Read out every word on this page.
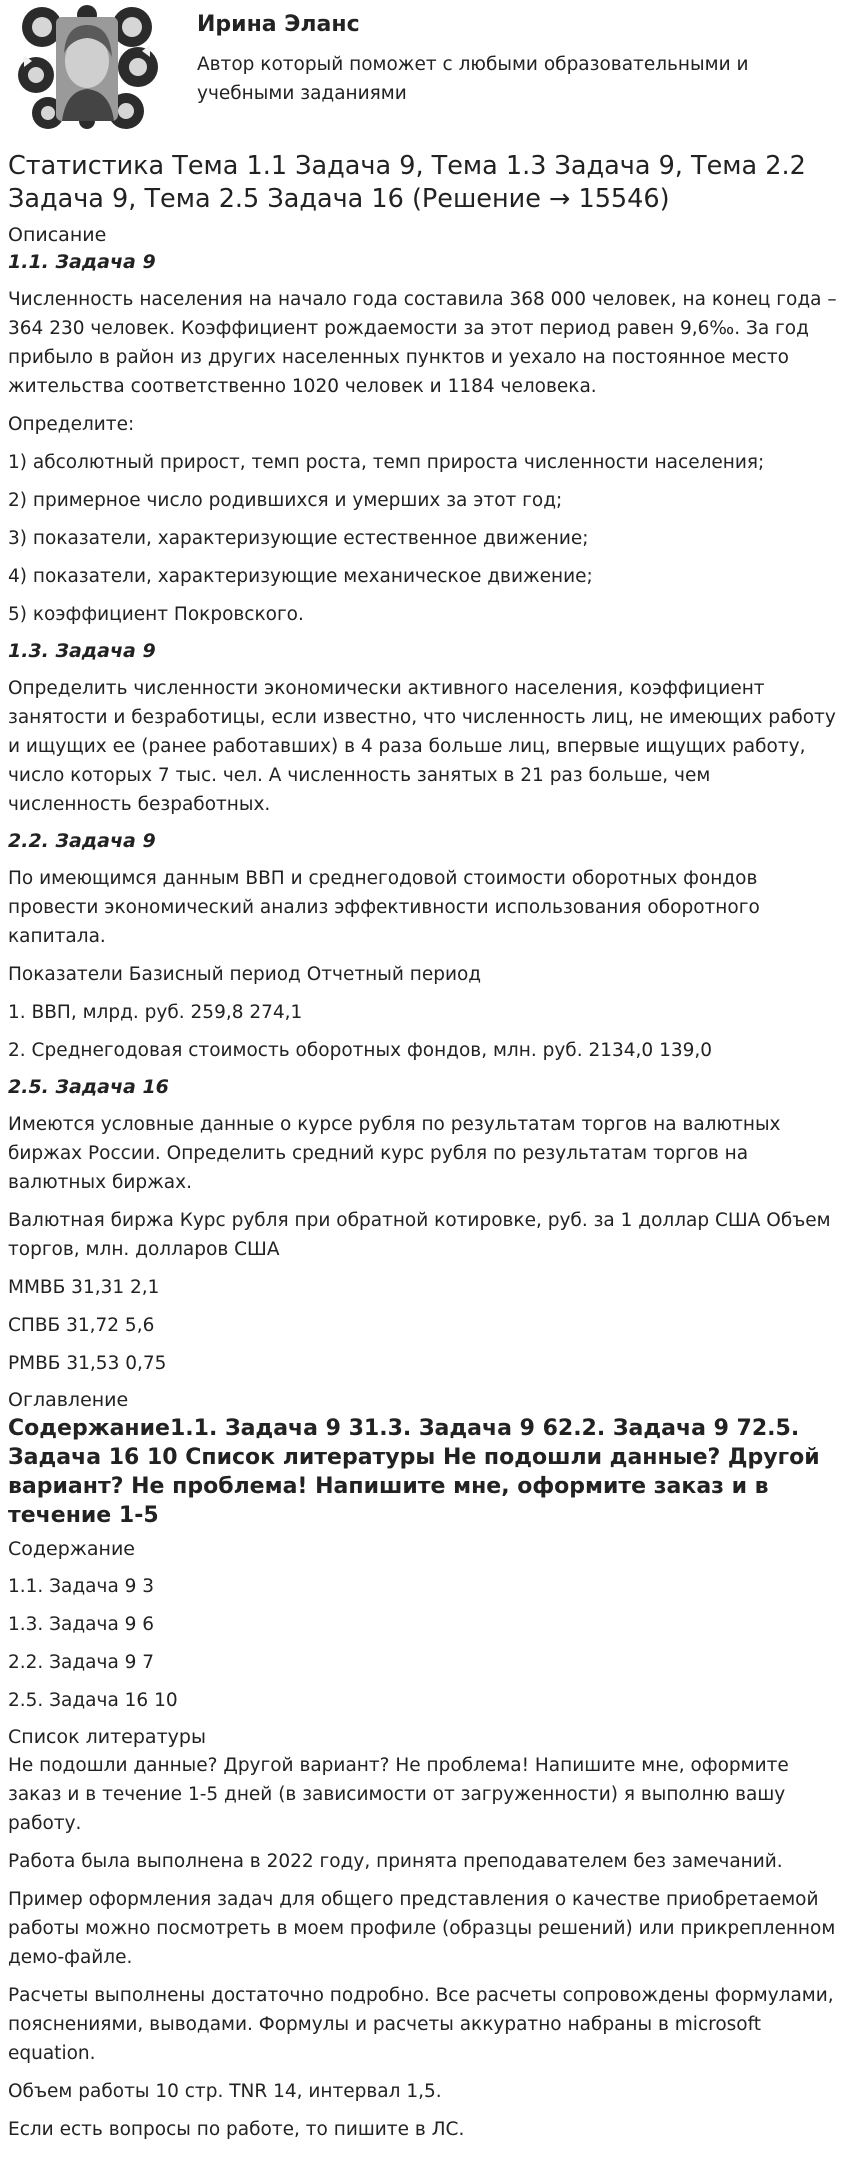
Ирина Эланс
Автор который поможет с любыми образовательными и учебными заданиями
Статистика Тема 1.1 Задача 9, Тема 1.3 Задача 9, Тема 2.2 Задача 9, Тема 2.5 Задача 16 (Решение → 15546)
Описание
1.1. Задача 9

Численность населения на начало года составила 368 000 человек, на конец года – 364 230 человек. Коэффициент рождаемости за этот период равен 9,6‰. За год прибыло в район из других населенных пунктов и уехало на постоянное место жительства соответственно 1020 человек и 1184 человека.

Определите:

1) абсолютный прирост, темп роста, темп прироста численности населения;

2) примерное число родившихся и умерших за этот год;

3) показатели, характеризующие естественное движение;

4) показатели, характеризующие механическое движение;

5) коэффициент Покровского.

1.3. Задача 9

Определить численности экономически активного населения, коэффициент занятости и безработицы, если известно, что численность лиц, не имеющих работу и ищущих ее (ранее работавших) в 4 раза больше лиц, впервые ищущих работу, число которых 7 тыс. чел. А численность занятых в 21 раз больше, чем численность безработных.

2.2. Задача 9

По имеющимся данным ВВП и среднегодовой стоимости оборотных фондов провести экономический анализ эффективности использования оборотного капитала.

Показатели Базисный период Отчетный период

1. ВВП, млрд. руб. 259,8 274,1

2. Среднегодовая стоимость оборотных фондов, млн. руб. 2134,0 139,0

2.5. Задача 16

Имеются условные данные о курсе рубля по результатам торгов на валютных биржах России. Определить средний курс рубля по результатам торгов на валютных биржах.

Валютная биржа Курс рубля при обратной котировке, руб. за 1 доллар США Объем торгов, млн. долларов США

ММВБ 31,31 2,1

СПВБ 31,72 5,6

РМВБ 31,53 0,75

Оглавление
Содержание1.1. Задача 9 31.3. Задача 9 62.2. Задача 9 72.5. Задача 16 10 Список литературы Не подошли данные? Другой вариант? Не проблема! Напишите мне, оформите заказ и в течение 1-5
Содержание

1.1. Задача 9 3

1.3. Задача 9 6

2.2. Задача 9 7

2.5. Задача 16 10

Список литературы

Не подошли данные? Другой вариант? Не проблема! Напишите мне, оформите заказ и в течение 1-5 дней (в зависимости от загруженности) я выполню вашу работу.

Работа была выполнена в 2022 году, принята преподавателем без замечаний.

Пример оформления задач для общего представления о качестве приобретаемой работы можно посмотреть в моем профиле (образцы решений) или прикрепленном демо-файле.

Расчеты выполнены достаточно подробно. Все расчеты сопровождены формулами, пояснениями, выводами. Формулы и расчеты аккуратно набраны в microsoft equation.

Объем работы 10 стр. TNR 14, интервал 1,5.

Если есть вопросы по работе, то пишите в ЛС.
